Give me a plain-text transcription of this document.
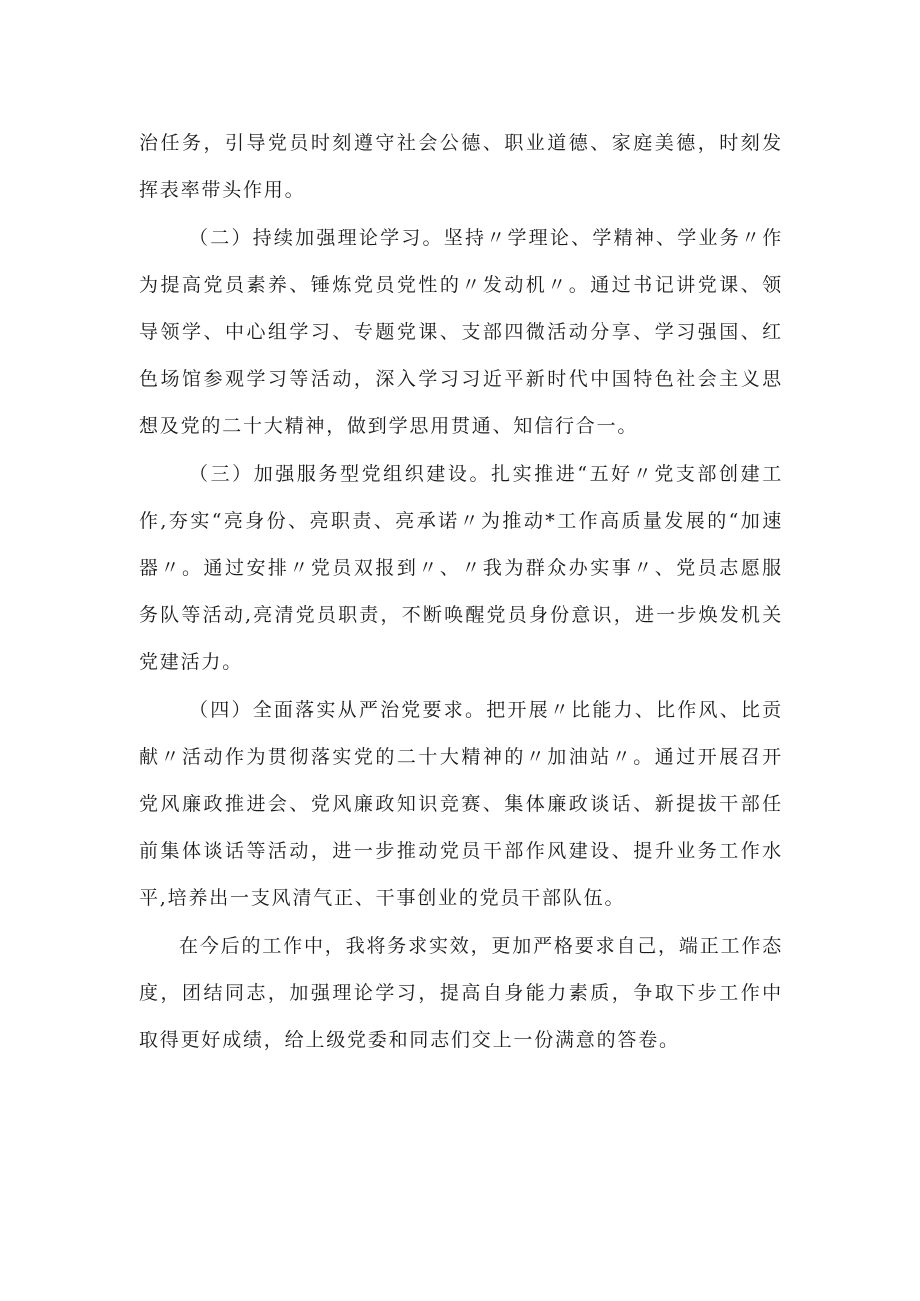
治任务，引导党员时刻遵守社会公德、职业道德、家庭美德，时刻发挥表率带头作用。

（二）持续加强理论学习。坚持〃学理论、学精神、学业务〃作为提高党员素养、锤炼党员党性的〃发动机〃。通过书记讲党课、领导领学、中心组学习、专题党课、支部四微活动分享、学习强国、红色场馆参观学习等活动，深入学习习近平新时代中国特色社会主义思想及党的二十大精神，做到学思用贯通、知信行合一。

（三）加强服务型党组织建设。扎实推进“五好〃党支部创建工作,夯实“亮身份、亮职责、亮承诺〃为推动*工作高质量发展的“加速器〃。通过安排〃党员双报到〃、〃我为群众办实事〃、党员志愿服务队等活动,亮清党员职责，不断唤醒党员身份意识，进一步焕发机关党建活力。

（四）全面落实从严治党要求。把开展〃比能力、比作风、比贡献〃活动作为贯彻落实党的二十大精神的〃加油站〃。通过开展召开党风廉政推进会、党风廉政知识竞赛、集体廉政谈话、新提拔干部任前集体谈话等活动，进一步推动党员干部作风建设、提升业务工作水平,培养出一支风清气正、干事创业的党员干部队伍。

在今后的工作中，我将务求实效，更加严格要求自己，端正工作态度，团结同志，加强理论学习，提高自身能力素质，争取下步工作中取得更好成绩，给上级党委和同志们交上一份满意的答卷。
